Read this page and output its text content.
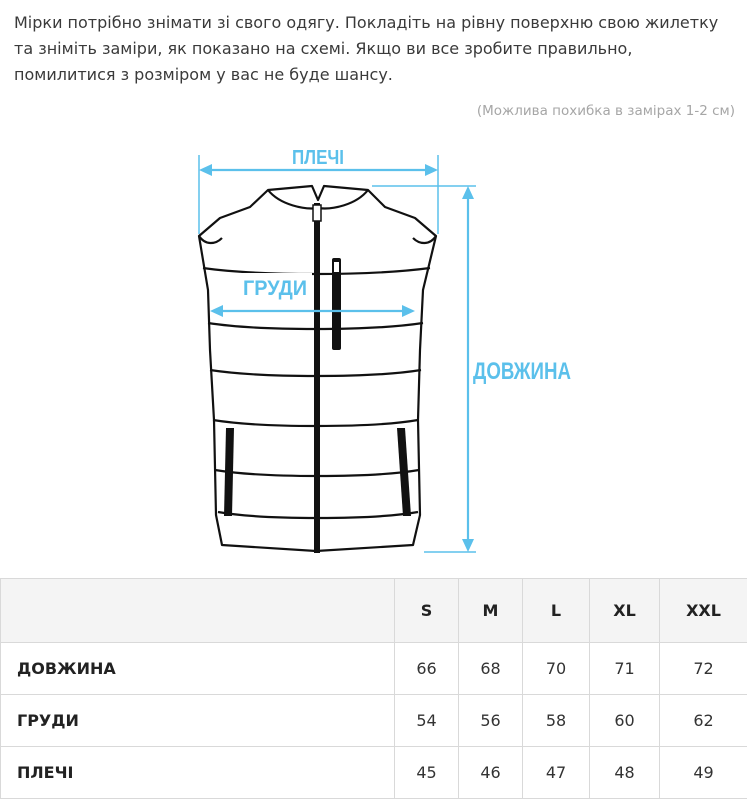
Мірки потрібно знімати зі свого одягу. Покладіть на рівну поверхню свою жилетку та зніміть заміри, як показано на схемі. Якщо ви все зробите правильно, помилитися з розміром у вас не буде шансу.

(Можлива похибка в замірах 1-2 см)

ПЛЕЧІ
ГРУДИ
ДОВЖИНА
	S	M	L	XL	XXL
ДОВЖИНА	66	68	70	71	72
ГРУДИ	54	56	58	60	62
ПЛЕЧІ	45	46	47	48	49
